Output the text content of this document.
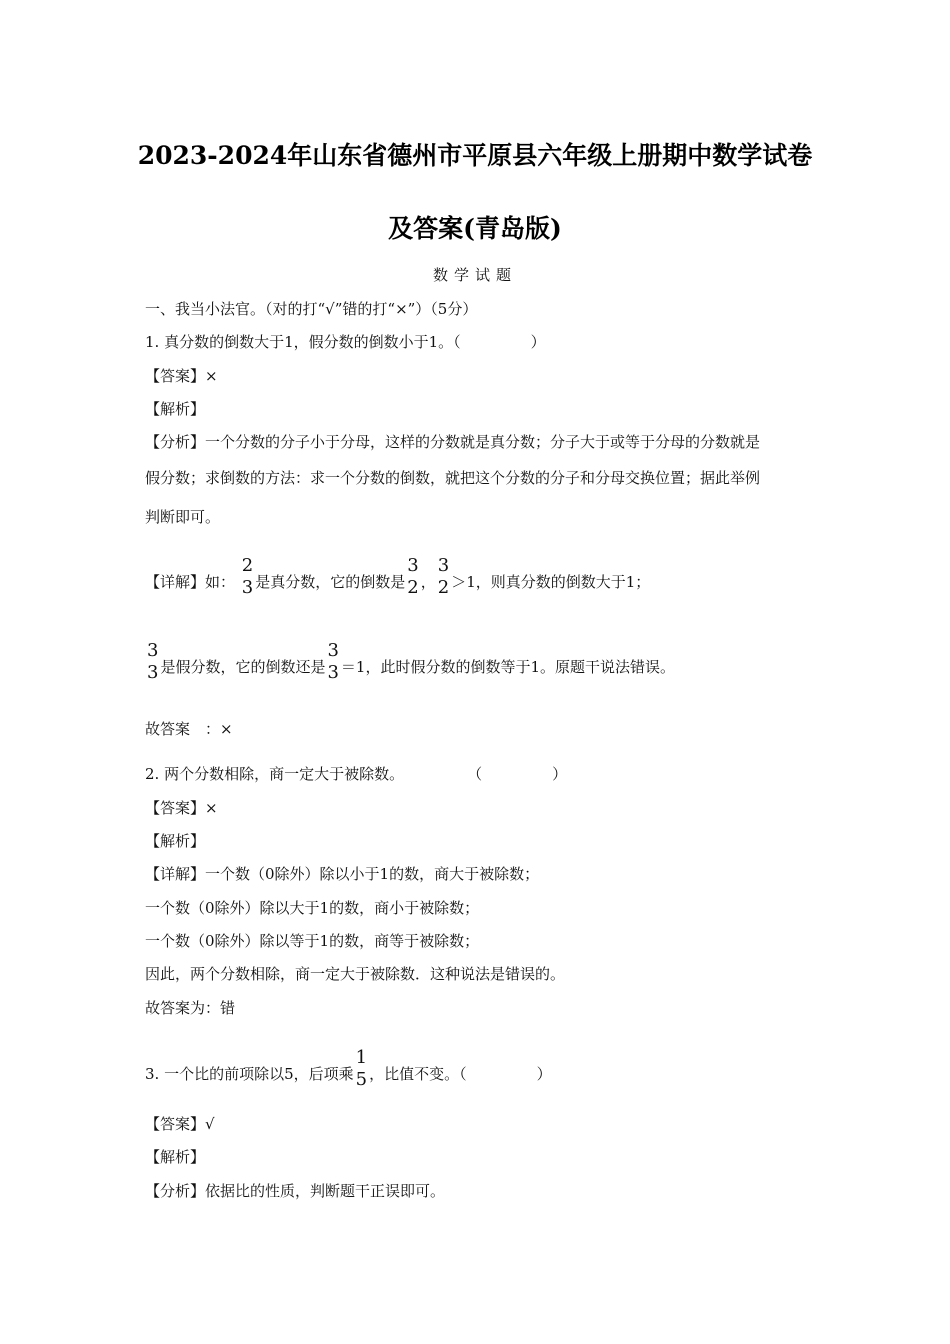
2023-2024年山东省德州市平原县六年级上册期中数学试卷
及答案(青岛版)
数学试题
一、我当小法官。（对的打“√”错的打“×”）（5分）
1. 真分数的倒数大于1，假分数的倒数小于1。（	）
【答案】×
【解析】
【分析】一个分数的分子小于分母，这样的分数就是真分数；分子大于或等于分母的分数就是
假分数；求倒数的方法：求一个分数的倒数，就把这个分数的分子和分母交换位置；据此举例
判断即可。
【详解】如：
2
3 是真分数，它的倒数是
3
2 ，
3
2 ＞1，则真分数的倒数大于1；
3
3 是假分数，它的倒数还是
3
3 ＝1，此时假分数的倒数等于1。原题干说法错误。
故答案　：×
2. 两个分数相除，商一定大于被除数。	（	）
【答案】×
【解析】
【详解】一个数（0除外）除以小于1的数，商大于被除数；
一个数（0除外）除以大于1的数，商小于被除数；
一个数（0除外）除以等于1的数，商等于被除数；
因此，两个分数相除，商一定大于被除数．这种说法是错误的。
故答案为：错
3. 一个比的前项除以5，后项乘
1
5 ，比值不变。（	）
【答案】√
【解析】
【分析】依据比的性质，判断题干正误即可。
